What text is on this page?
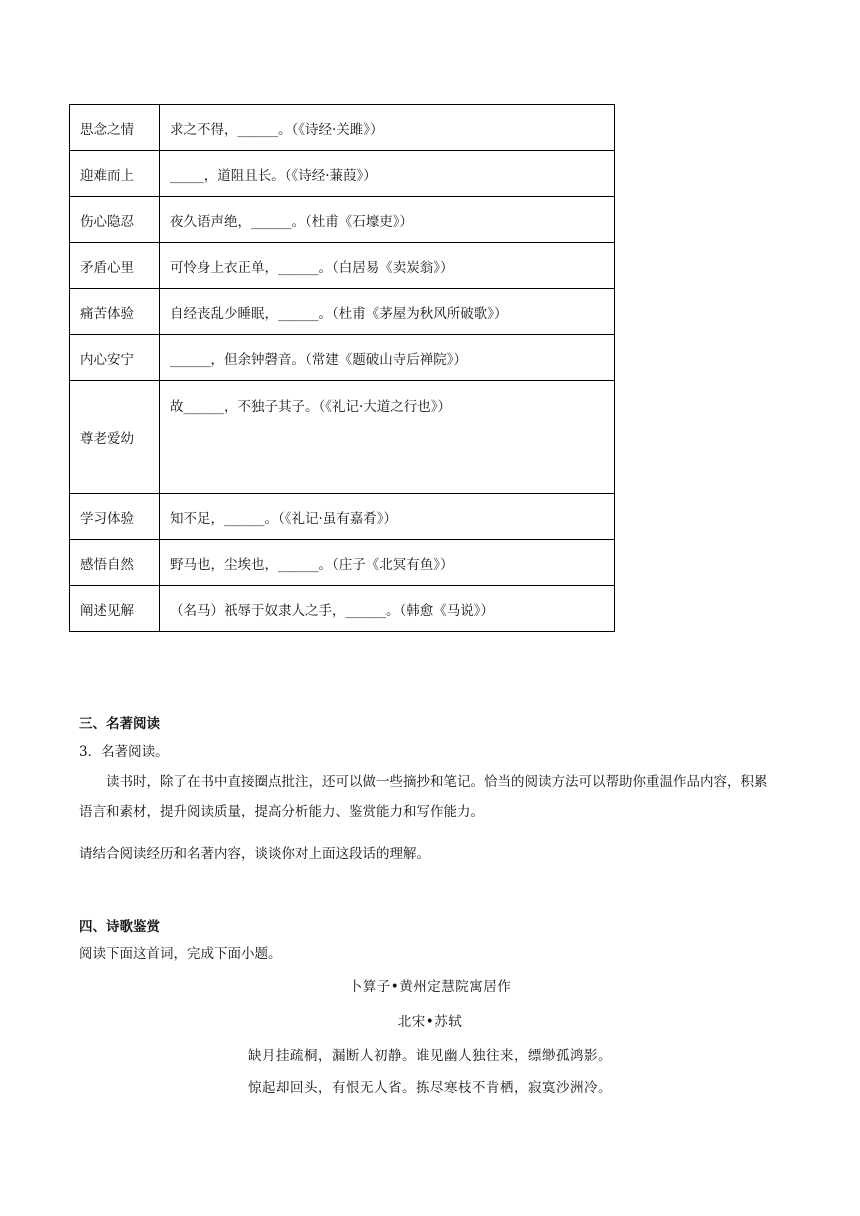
思念之情	求之不得，______。（《诗经·关雎》）
迎难而上	_____，道阻且长。（《诗经·蒹葭》）
伤心隐忍	夜久语声绝，______。（杜甫《石壕吏》）
矛盾心里	可怜身上衣正单，______。（白居易《卖炭翁》）
痛苦体验	自经丧乱少睡眠，______。（杜甫《茅屋为秋风所破歌》）
内心安宁	______，但余钟磬音。（常建《题破山寺后禅院》）
尊老爱幼	故______，不独子其子。（《礼记·大道之行也》）
学习体验	知不足，______。（《礼记·虽有嘉肴》）
感悟自然	野马也，尘埃也，______。（庄子《北冥有鱼》）
阐述见解	（名马）祇辱于奴隶人之手，______。（韩愈《马说》）
三、名著阅读
3．名著阅读。
读书时，除了在书中直接圈点批注，还可以做一些摘抄和笔记。恰当的阅读方法可以帮助你重温作品内容，积累语言和素材，提升阅读质量，提高分析能力、鉴赏能力和写作能力。
请结合阅读经历和名著内容，谈谈你对上面这段话的理解。
四、诗歌鉴赏
阅读下面这首词，完成下面小题。
卜算子•黄州定慧院寓居作
北宋•苏轼
缺月挂疏桐，漏断人初静。谁见幽人独往来，缥缈孤鸿影。
惊起却回头，有恨无人省。拣尽寒枝不肯栖，寂寞沙洲冷。
